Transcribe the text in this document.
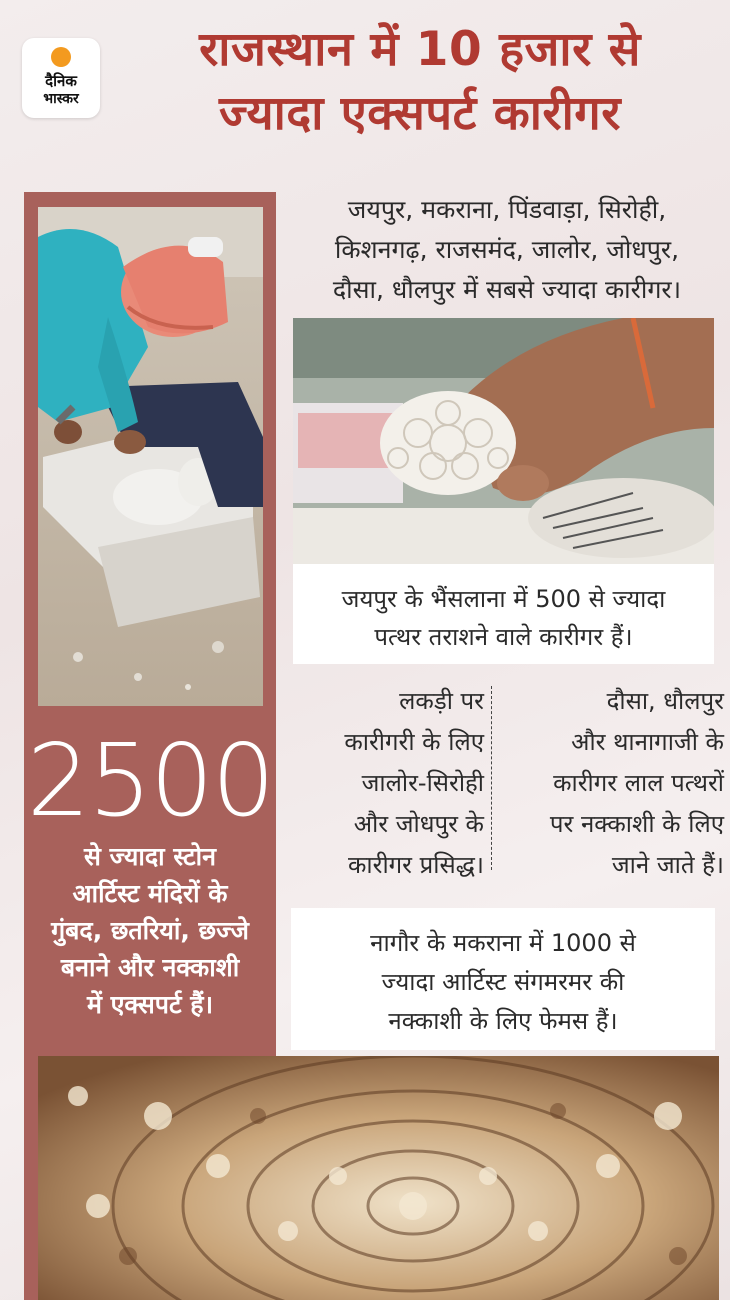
दैनिक
भास्कर
राजस्थान में 10 हजार से
ज्यादा एक्सपर्ट कारीगर
2500
से ज्यादा स्टोन
आर्टिस्ट मंदिरों के
गुंबद, छतरियां, छज्जे
बनाने और नक्काशी
में एक्सपर्ट हैं।
जयपुर, मकराना, पिंडवाड़ा, सिरोही,
किशनगढ़, राजसमंद, जालोर, जोधपुर,
दौसा, धौलपुर में सबसे ज्यादा कारीगर।
जयपुर के भैंसलाना में 500 से ज्यादा
पत्थर तराशने वाले कारीगर हैं।
लकड़ी पर
कारीगरी के लिए
जालोर-सिरोही
और जोधपुर के
कारीगर प्रसिद्ध।
दौसा, धौलपुर
और थानागाजी के
कारीगर लाल पत्थरों
पर नक्काशी के लिए
जाने जाते हैं।
नागौर के मकराना में 1000 से
ज्यादा आर्टिस्ट संगमरमर की
नक्काशी के लिए फेमस हैं।
